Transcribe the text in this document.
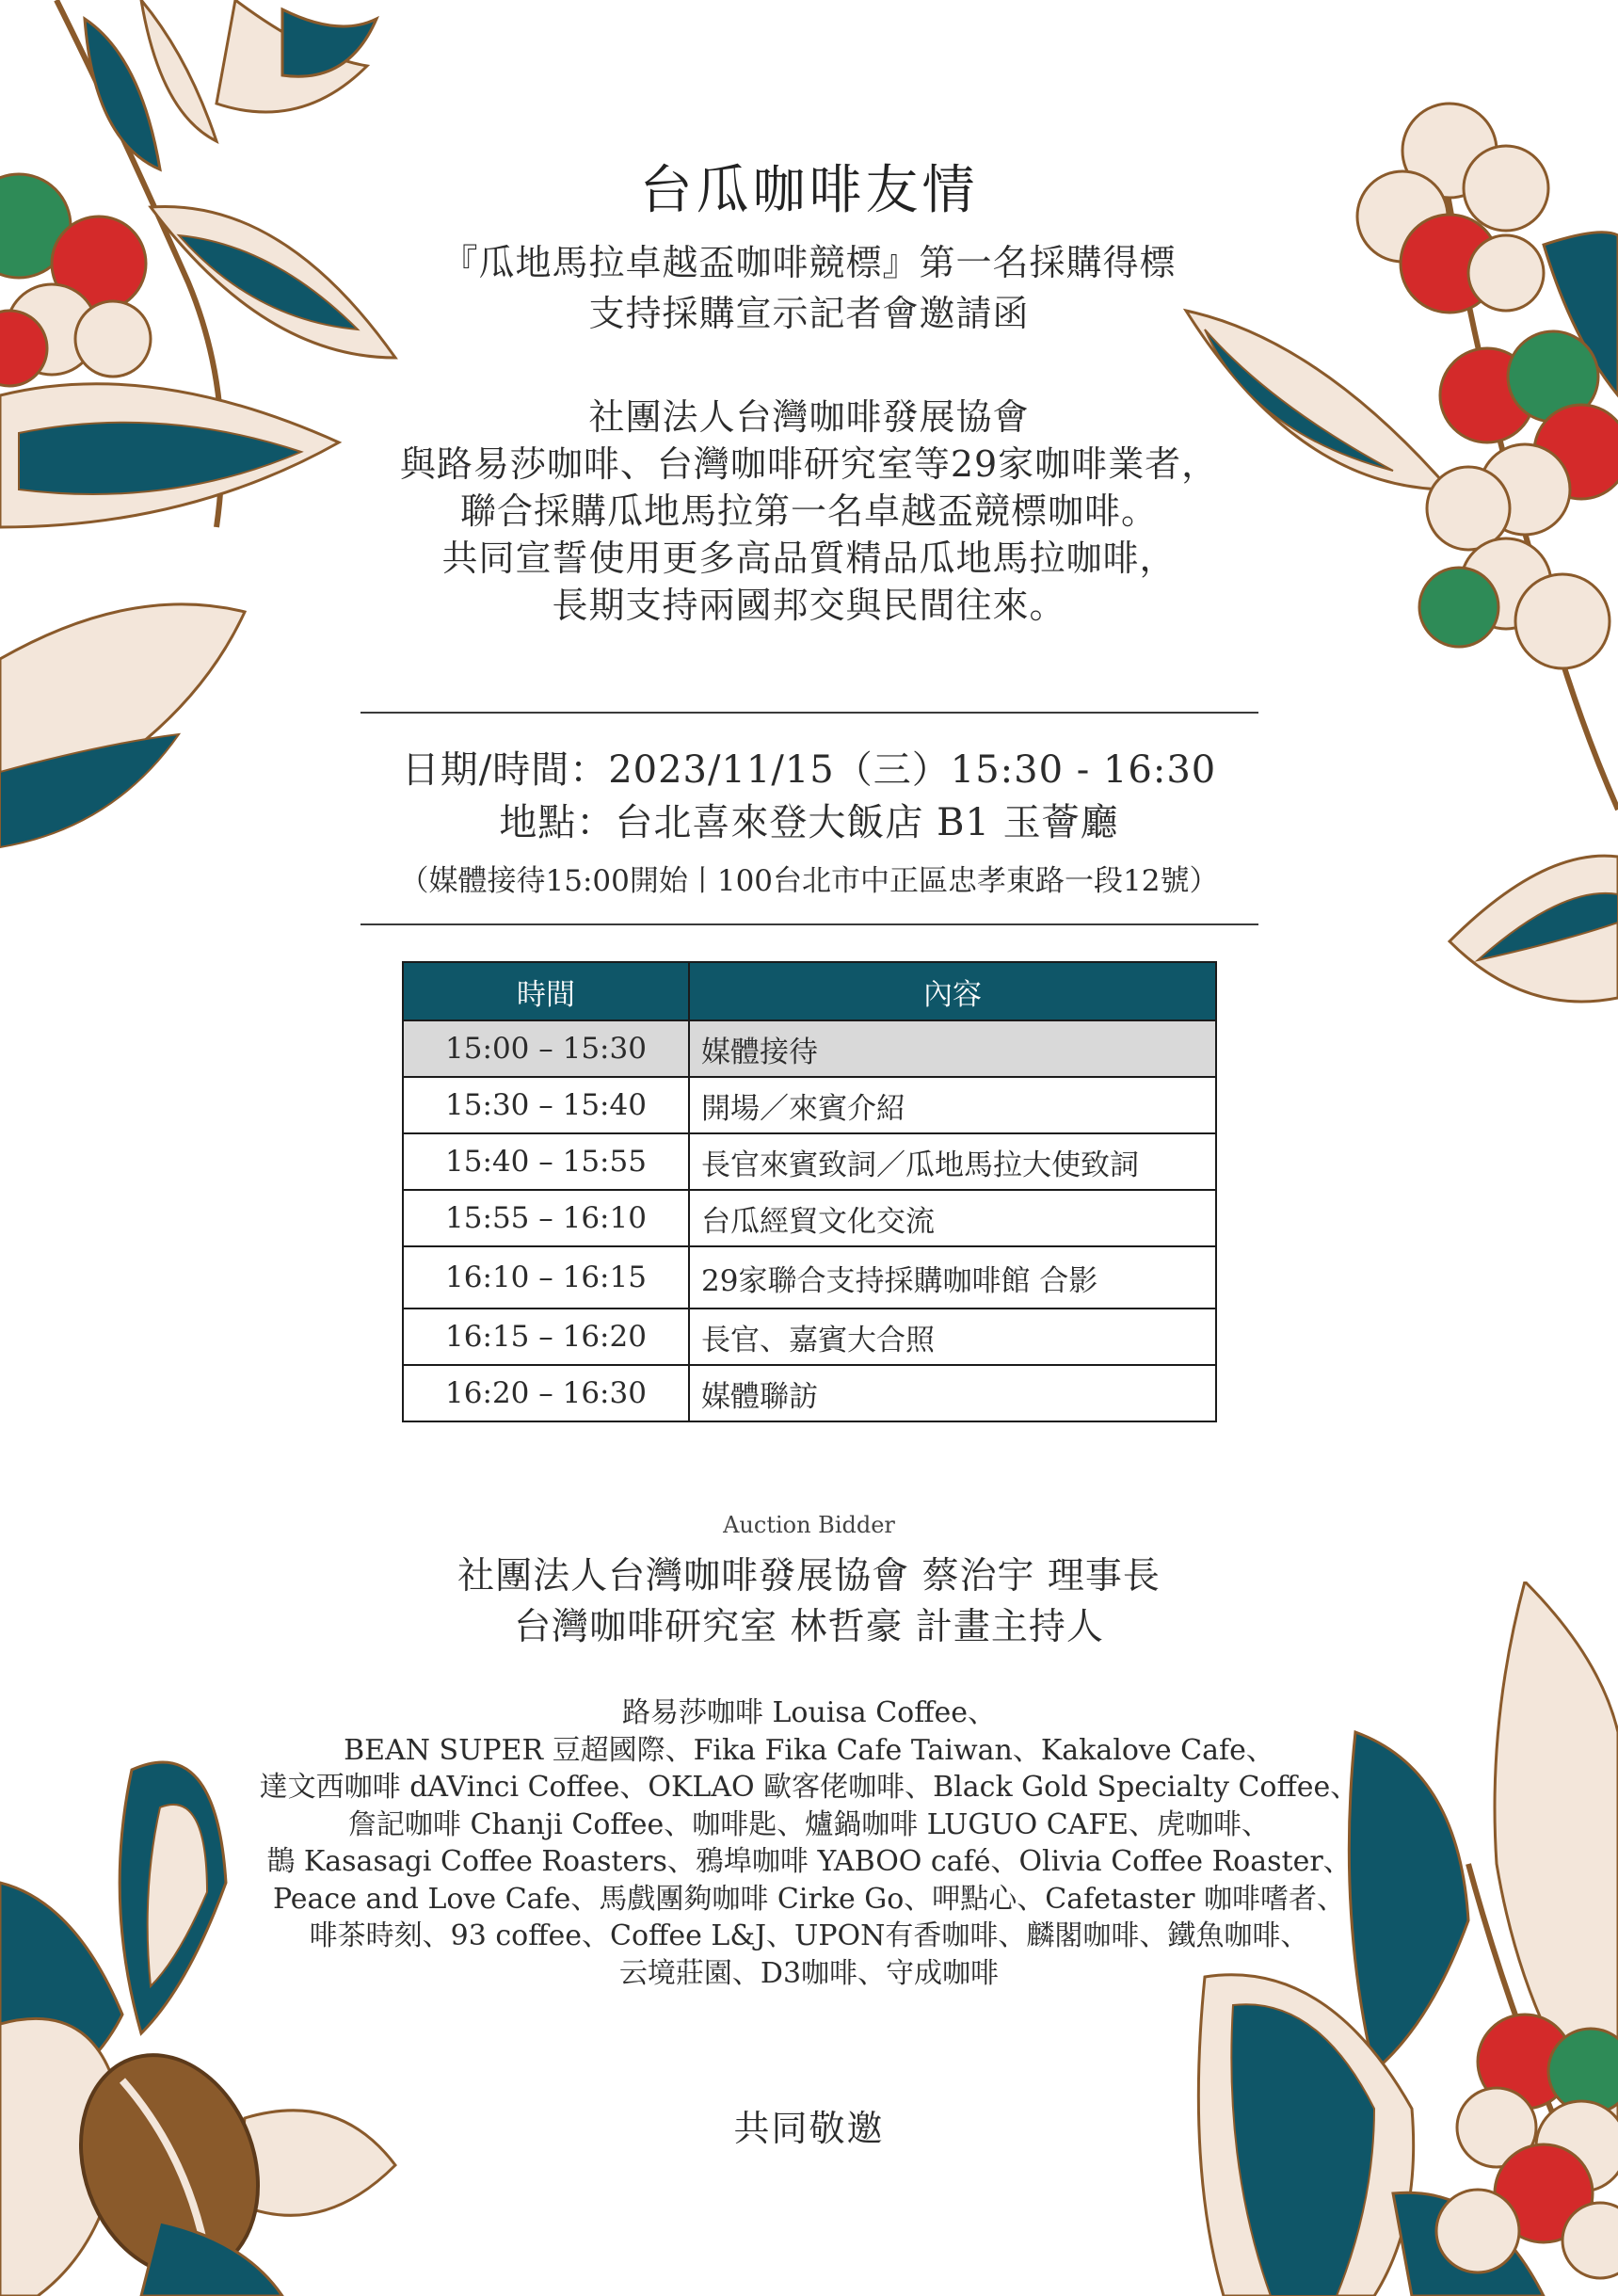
台瓜咖啡友情
『瓜地馬拉卓越盃咖啡競標』第一名採購得標
支持採購宣示記者會邀請函
社團法人台灣咖啡發展協會
與路易莎咖啡、台灣咖啡研究室等29家咖啡業者，
聯合採購瓜地馬拉第一名卓越盃競標咖啡。
共同宣誓使用更多高品質精品瓜地馬拉咖啡，
長期支持兩國邦交與民間往來。
日期/時間：2023/11/15（三）15:30 - 16:30
地點：台北喜來登大飯店 B1 玉薈廳
（媒體接待15:00開始丨100台北市中正區忠孝東路一段12號）
時間	內容
15:00 – 15:30	媒體接待
15:30 – 15:40	開場／來賓介紹
15:40 – 15:55	長官來賓致詞／瓜地馬拉大使致詞
15:55 – 16:10	台瓜經貿文化交流
16:10 – 16:15	29家聯合支持採購咖啡館 合影
16:15 – 16:20	長官、嘉賓大合照
16:20 – 16:30	媒體聯訪
Auction Bidder
社團法人台灣咖啡發展協會 蔡治宇 理事長
台灣咖啡研究室 林哲豪 計畫主持人
路易莎咖啡 Louisa Coffee、
BEAN SUPER 豆超國際、Fika Fika Cafe Taiwan、Kakalove Cafe、
達文西咖啡 dAVinci Coffee、OKLAO 歐客佬咖啡、Black Gold Specialty Coffee、
詹記咖啡 Chanji Coffee、咖啡匙、爐鍋咖啡 LUGUO CAFE、虎咖啡、
鵲 Kasasagi Coffee Roasters、鴉埠咖啡 YABOO café、Olivia Coffee Roaster、
Peace and Love Cafe、馬戲團夠咖啡 Cirke Go、呷點心、Cafetaster 咖啡嗜者、
啡茶時刻、93 coffee、Coffee L&J、UPON有香咖啡、麟閣咖啡、鐵魚咖啡、
云境莊園、D3咖啡、守成咖啡
共同敬邀
